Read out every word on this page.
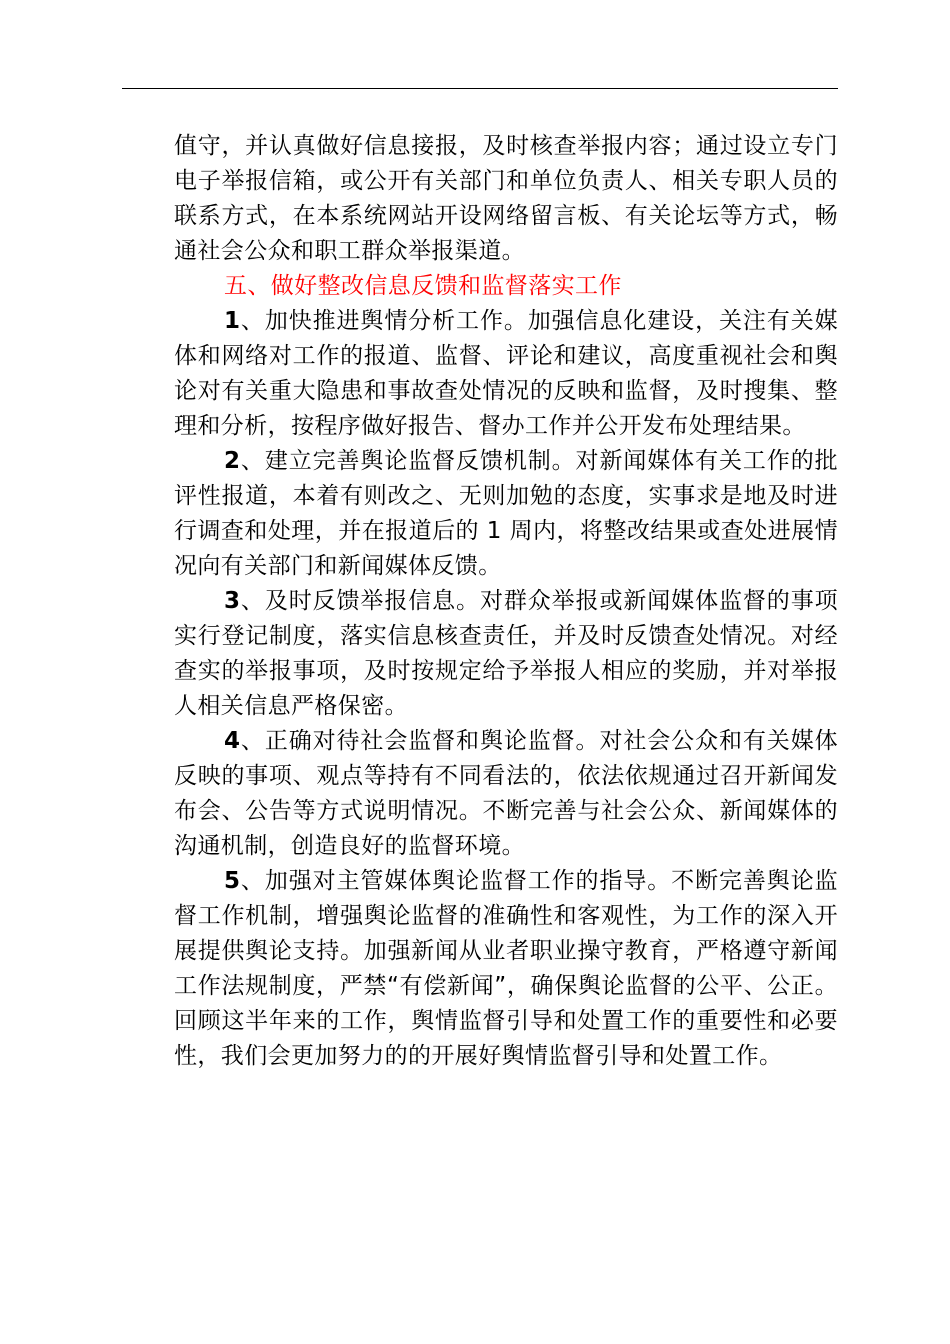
值守，并认真做好信息接报，及时核查举报内容；通过设立专门电子举报信箱，或公开有关部门和单位负责人、相关专职人员的联系方式，在本系统网站开设网络留言板、有关论坛等方式，畅通社会公众和职工群众举报渠道。

五、做好整改信息反馈和监督落实工作

1、加快推进舆情分析工作。加强信息化建设，关注有关媒体和网络对工作的报道、监督、评论和建议，高度重视社会和舆论对有关重大隐患和事故查处情况的反映和监督，及时搜集、整理和分析，按程序做好报告、督办工作并公开发布处理结果。

2、建立完善舆论监督反馈机制。对新闻媒体有关工作的批评性报道，本着有则改之、无则加勉的态度，实事求是地及时进行调查和处理，并在报道后的 1 周内，将整改结果或查处进展情况向有关部门和新闻媒体反馈。

3、及时反馈举报信息。对群众举报或新闻媒体监督的事项实行登记制度，落实信息核查责任，并及时反馈查处情况。对经查实的举报事项，及时按规定给予举报人相应的奖励，并对举报人相关信息严格保密。

4、正确对待社会监督和舆论监督。对社会公众和有关媒体反映的事项、观点等持有不同看法的，依法依规通过召开新闻发布会、公告等方式说明情况。不断完善与社会公众、新闻媒体的沟通机制，创造良好的监督环境。

5、加强对主管媒体舆论监督工作的指导。不断完善舆论监督工作机制，增强舆论监督的准确性和客观性，为工作的深入开展提供舆论支持。加强新闻从业者职业操守教育，严格遵守新闻工作法规制度，严禁“有偿新闻”，确保舆论监督的公平、公正。回顾这半年来的工作，舆情监督引导和处置工作的重要性和必要性，我们会更加努力的的开展好舆情监督引导和处置工作。
